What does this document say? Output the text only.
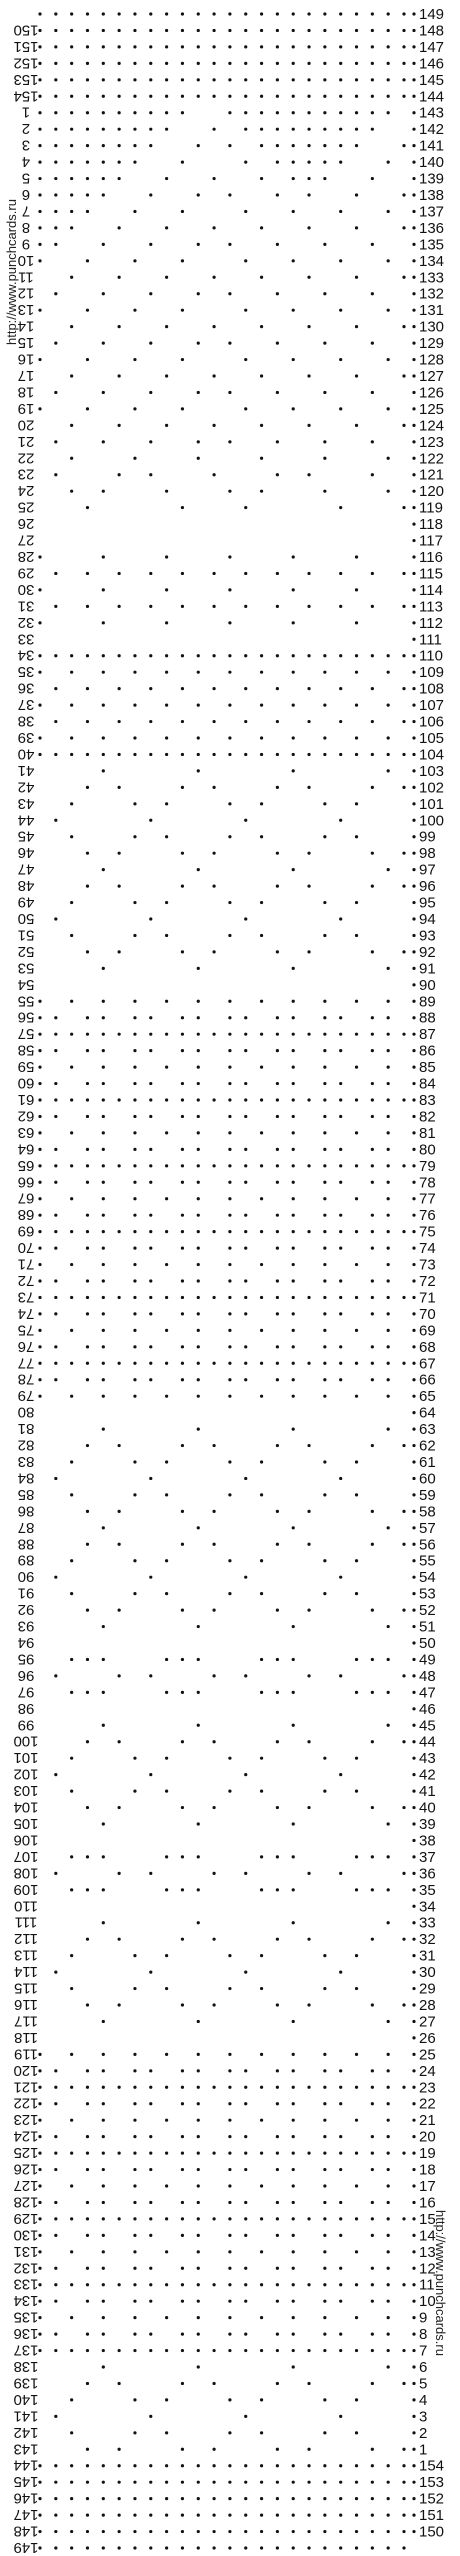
149
148
147
146
145
144
143
142
141
140
139
138
137
136
135
134
133
132
131
130
129
128
127
126
125
124
123
122
121
120
119
118
117
116
115
114
113
112
111
110
109
108
107
106
105
104
103
102
101
100
99
98
97
96
95
94
93
92
91
90
89
88
87
86
85
84
83
82
81
80
79
78
77
76
75
74
73
72
71
70
69
68
67
66
65
64
63
62
61
60
59
58
57
56
55
54
53
52
51
50
49
48
47
46
45
44
43
42
41
40
39
38
37
36
35
34
33
32
31
30
29
28
27
26
25
24
23
22
21
20
19
18
17
16
15
14
13
12
11
10
9
8
7
6
5
4
3
2
1
154
153
152
151
150
150
151
152
153
154
1
2
3
4
5
6
7
8
9
10
11
12
13
14
15
16
17
18
19
20
21
22
23
24
25
26
27
28
29
30
31
32
33
34
35
36
37
38
39
40
41
42
43
44
45
46
47
48
49
50
51
52
53
54
55
56
57
58
59
60
61
62
63
64
65
66
67
68
69
70
71
72
73
74
75
76
77
78
79
80
81
82
83
84
85
86
87
88
89
90
91
92
93
94
95
96
97
98
99
100
101
102
103
104
105
106
107
108
109
110
111
112
113
114
115
116
117
118
119
120
121
122
123
124
125
126
127
128
129
130
131
132
133
134
135
136
137
138
139
140
141
142
143
144
145
146
147
148
149
http://www.punchcards.ru
http://www.punchcards.ru
